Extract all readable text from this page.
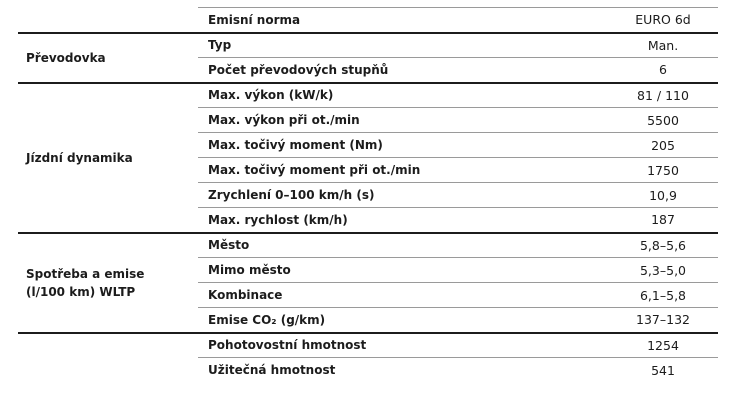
	Emisní norma	EURO 6d
Převodovka	Typ	Man.
	Počet převodových stupňů	6
Jízdní dynamika	Max. výkon (kW/k)	81 / 110
	Max. výkon při ot./min	5500
	Max. točivý moment (Nm)	205
	Max. točivý moment při ot./min	1750
	Zrychlení 0–100 km/h (s)	10,9
	Max. rychlost (km/h)	187

Spotřeba a emise
(l/100 km) WLTP	Město	5,8–5,6
	Mimo město	5,3–5,0
	Kombinace	6,1–5,8
	Emise CO₂ (g/km)	137–132
	Pohotovostní hmotnost	1254
	Užitečná hmotnost	541
